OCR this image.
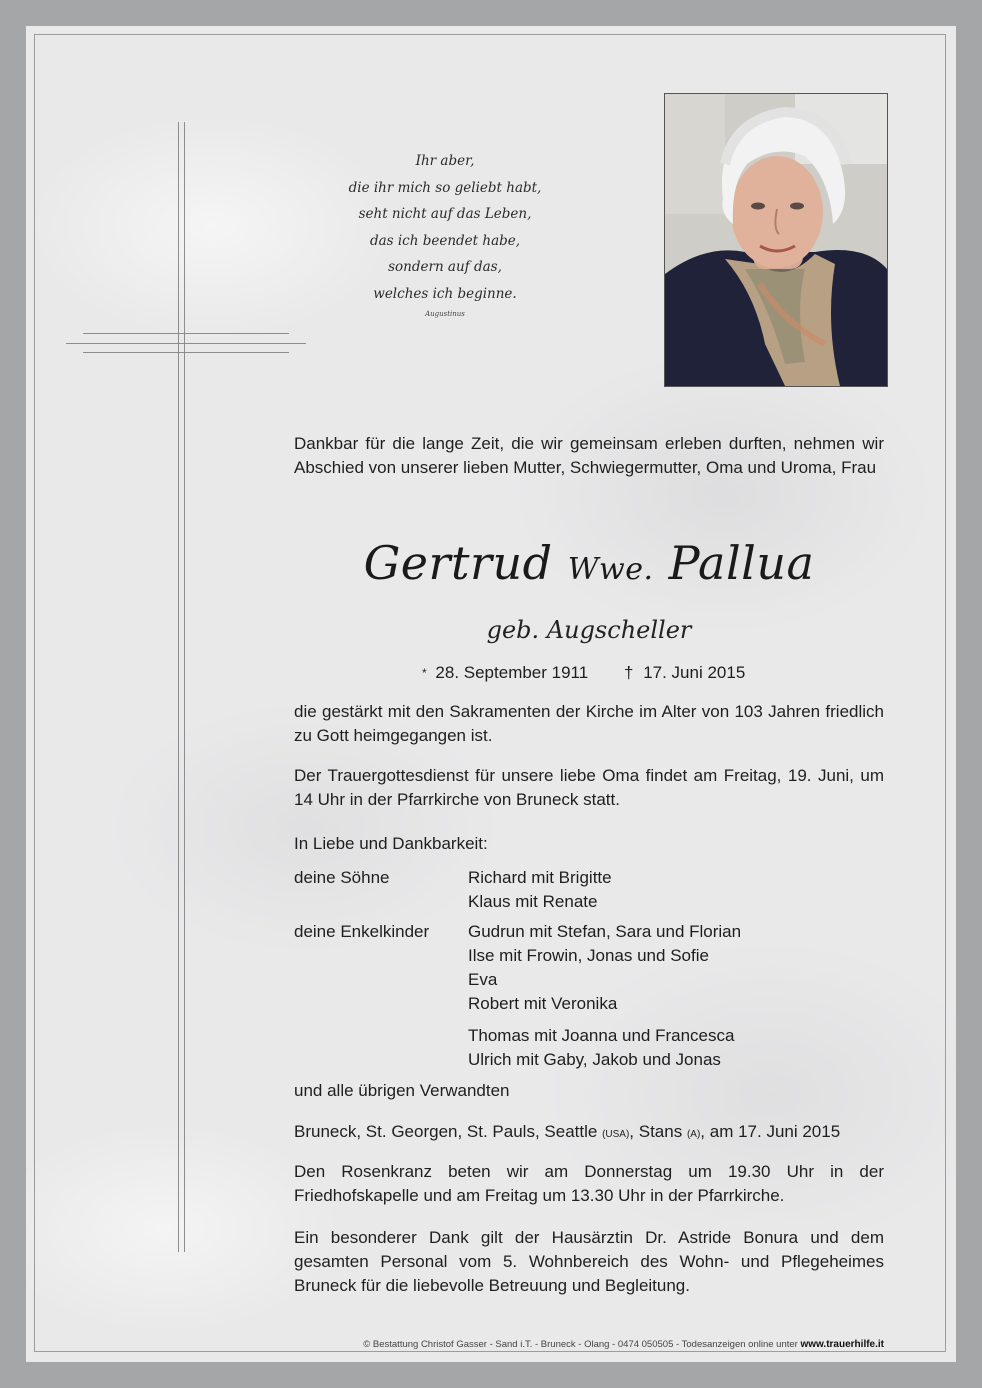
Ihr aber,
die ihr mich so geliebt habt,
seht nicht auf das Leben,
das ich beendet habe,
sondern auf das,
welches ich beginne.
Augustinus
Dankbar für die lange Zeit, die wir gemeinsam erleben durften, nehmen wir Abschied von unserer lieben Mutter, Schwiegermutter, Oma und Uroma, Frau
Gertrud Wwe. Pallua
geb. Augscheller
* 28. September 1911 † 17. Juni 2015
die gestärkt mit den Sakramenten der Kirche im Alter von 103 Jahren friedlich zu Gott heimgegangen ist.
Der Trauergottesdienst für unsere liebe Oma findet am Freitag, 19. Juni, um 14 Uhr in der Pfarrkirche von Bruneck statt.
In Liebe und Dankbarkeit:
deine Söhne	Richard mit Brigitte
Klaus mit Renate
deine Enkelkinder Gudrun mit Stefan, Sara und Florian
Ilse mit Frowin, Jonas und Sofie
Eva
Robert mit Veronika
Thomas mit Joanna und Francesca
Ulrich mit Gaby, Jakob und Jonas
und alle übrigen Verwandten
Bruneck, St. Georgen, St. Pauls, Seattle (USA), Stans (A), am 17. Juni 2015
Den Rosenkranz beten wir am Donnerstag um 19.30 Uhr in der Friedhofskapelle und am Freitag um 13.30 Uhr in der Pfarrkirche.
Ein besonderer Dank gilt der Hausärztin Dr. Astride Bonura und dem gesamten Personal vom 5. Wohnbereich des Wohn- und Pflegeheimes Bruneck für die liebevolle Betreuung und Begleitung.
© Bestattung Christof Gasser - Sand i.T. - Bruneck - Olang - 0474 050505 - Todesanzeigen online unter www.trauerhilfe.it
